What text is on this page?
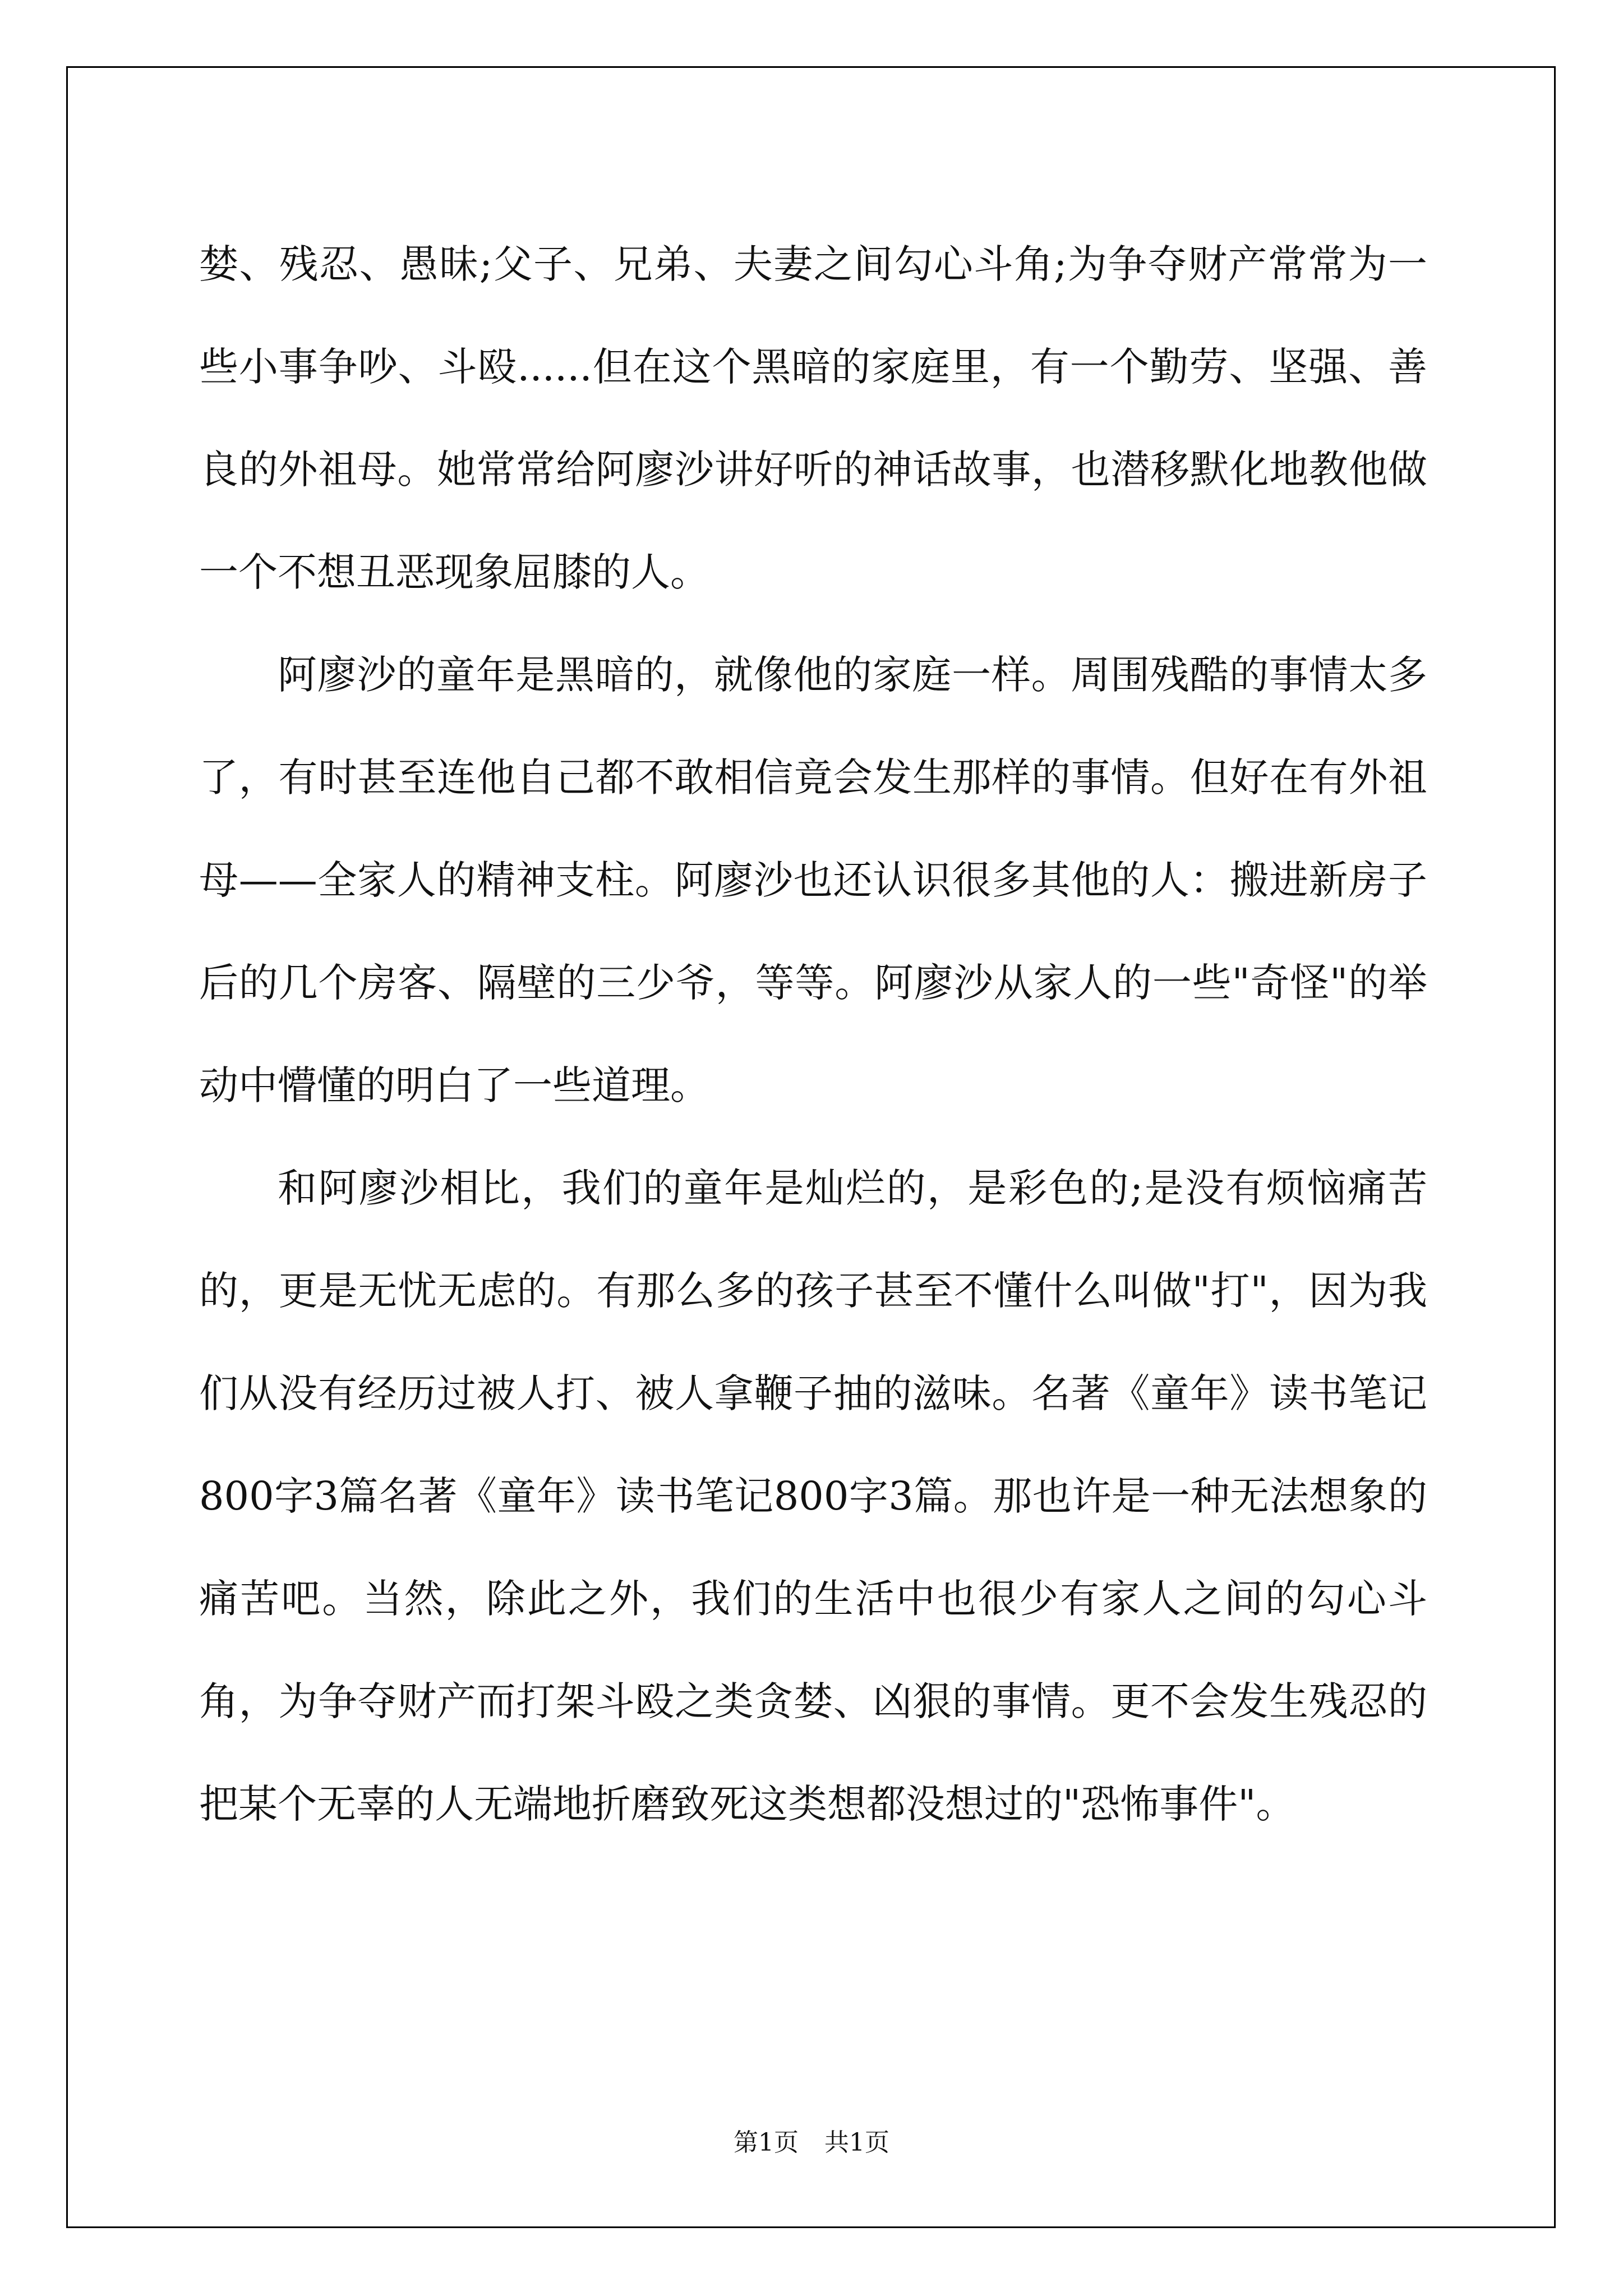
婪、残忍、愚昧;父子、兄弟、夫妻之间勾心斗角;为争夺财产常常为一些小事争吵、斗殴......但在这个黑暗的家庭里，有一个勤劳、坚强、善良的外祖母。她常常给阿廖沙讲好听的神话故事，也潜移默化地教他做一个不想丑恶现象屈膝的人。

阿廖沙的童年是黑暗的，就像他的家庭一样。周围残酷的事情太多了，有时甚至连他自己都不敢相信竟会发生那样的事情。但好在有外祖母——全家人的精神支柱。阿廖沙也还认识很多其他的人：搬进新房子后的几个房客、隔壁的三少爷，等等。阿廖沙从家人的一些"奇怪"的举动中懵懂的明白了一些道理。

和阿廖沙相比，我们的童年是灿烂的，是彩色的;是没有烦恼痛苦的，更是无忧无虑的。有那么多的孩子甚至不懂什么叫做"打"，因为我们从没有经历过被人打、被人拿鞭子抽的滋味。名著《童年》读书笔记800字3篇名著《童年》读书笔记800字3篇。那也许是一种无法想象的痛苦吧。当然，除此之外，我们的生活中也很少有家人之间的勾心斗角，为争夺财产而打架斗殴之类贪婪、凶狠的事情。更不会发生残忍的把某个无辜的人无端地折磨致死这类想都没想过的"恐怖事件"。

第1页 共1页
